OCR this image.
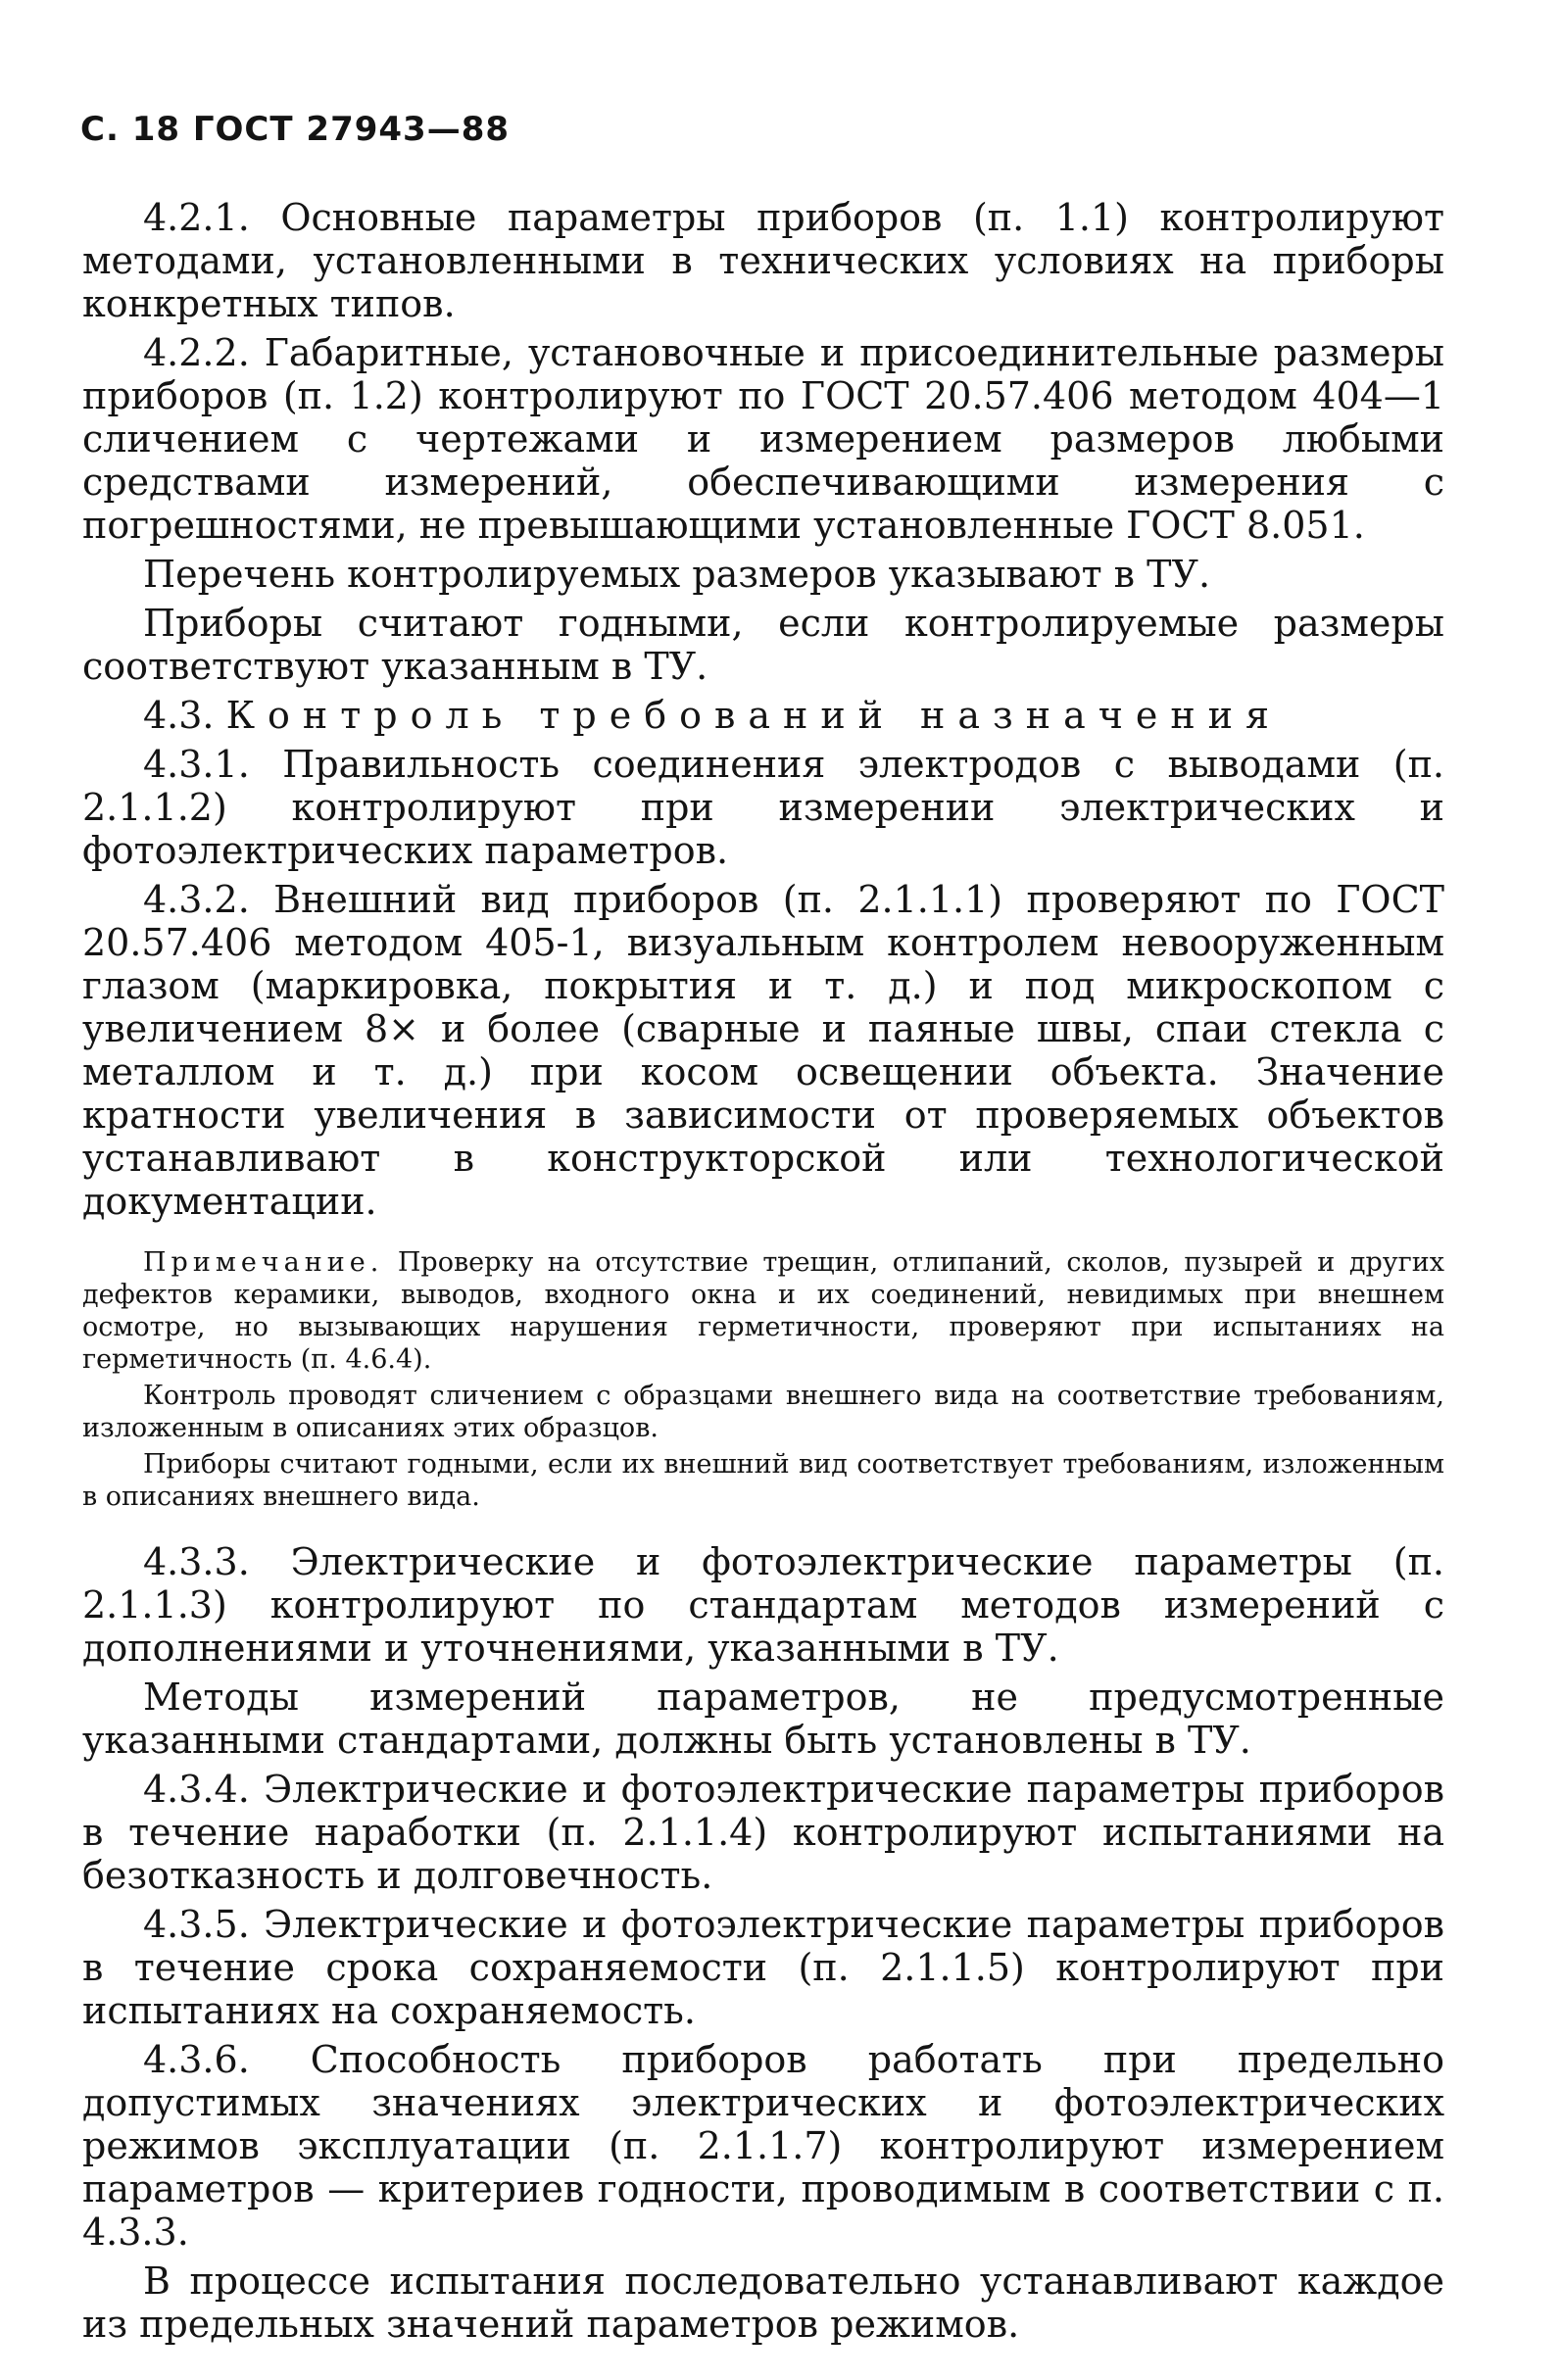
С. 18 ГОСТ 27943—88

4.2.1. Основные параметры приборов (п. 1.1) контролируют методами, установленными в технических условиях на приборы конкретных типов.

4.2.2. Габаритные, установочные и присоединительные размеры приборов (п. 1.2) контролируют по ГОСТ 20.57.406 методом 404—1 сличением с чертежами и измерением размеров любыми средствами измерений, обеспечивающими измерения с погрешностями, не превышающими установленные ГОСТ 8.051.

Перечень контролируемых размеров указывают в ТУ.

Приборы считают годными, если контролируемые размеры соответствуют указанным в ТУ.

4.3. Контроль требований назначения

4.3.1. Правильность соединения электродов с выводами (п. 2.1.1.2) контролируют при измерении электрических и фотоэлектрических параметров.

4.3.2. Внешний вид приборов (п. 2.1.1.1) проверяют по ГОСТ 20.57.406 методом 405-1, визуальным контролем невооруженным глазом (маркировка, покрытия и т. д.) и под микроскопом с увеличением 8× и более (сварные и паяные швы, спаи стекла с металлом и т. д.) при косом освещении объекта. Значение кратности увеличения в зависимости от проверяемых объектов устанавливают в конструкторской или технологической документации.

Примечание. Проверку на отсутствие трещин, отлипаний, сколов, пузырей и других дефектов керамики, выводов, входного окна и их соединений, невидимых при внешнем осмотре, но вызывающих нарушения герметичности, проверяют при испытаниях на герметичность (п. 4.6.4).

Контроль проводят сличением с образцами внешнего вида на соответствие требованиям, изложенным в описаниях этих образцов.

Приборы считают годными, если их внешний вид соответствует требованиям, изложенным в описаниях внешнего вида.

4.3.3. Электрические и фотоэлектрические параметры (п. 2.1.1.3) контролируют по стандартам методов измерений с дополнениями и уточнениями, указанными в ТУ.

Методы измерений параметров, не предусмотренные указанными стандартами, должны быть установлены в ТУ.

4.3.4. Электрические и фотоэлектрические параметры приборов в течение наработки (п. 2.1.1.4) контролируют испытаниями на безотказность и долговечность.

4.3.5. Электрические и фотоэлектрические параметры приборов в течение срока сохраняемости (п. 2.1.1.5) контролируют при испытаниях на сохраняемость.

4.3.6. Способность приборов работать при предельно допустимых значениях электрических и фотоэлектрических режимов эксплуатации (п. 2.1.1.7) контролируют измерением параметров — критериев годности, проводимым в соответствии с п. 4.3.3.

В процессе испытания последовательно устанавливают каждое из предельных значений параметров режимов.
